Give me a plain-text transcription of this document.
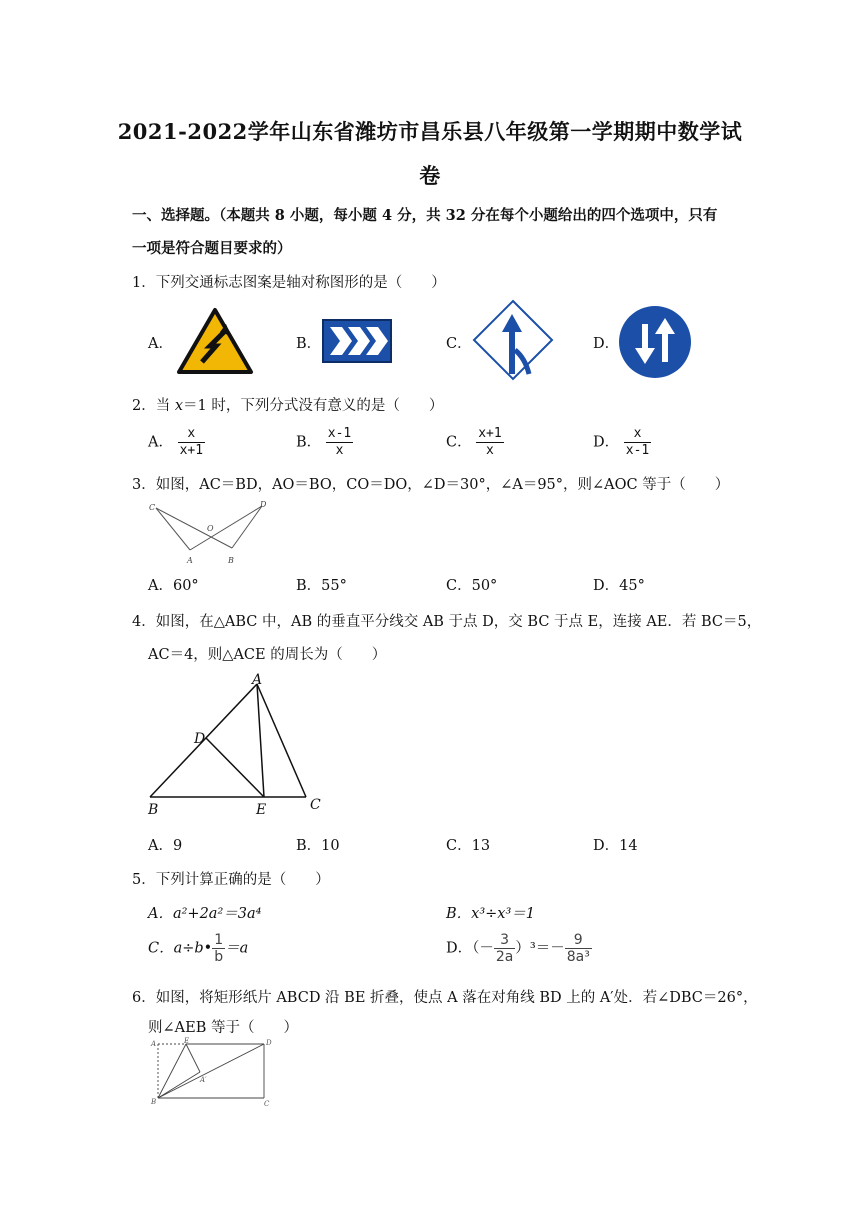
2021-2022学年山东省潍坊市昌乐县八年级第一学期期中数学试
卷
一、选择题。（本题共 8 小题，每小题 4 分，共 32 分在每个小题给出的四个选项中，只有
一项是符合题目要求的）
1．下列交通标志图案是轴对称图形的是（　　）
A．	B．	C．	D．
2．当 x＝1 时，下列分式没有意义的是（　　）
A． $\frac{x}{x+1}$	B． $\frac{x-1}{x}$	C． $\frac{x+1}{x}$	D． $\frac{x}{x-1}$
3．如图，AC＝BD，AO＝BO，CO＝DO，∠D＝30°，∠A＝95°，则∠AOC 等于（　　）
C	D
O
A	B
A．60°	B．55°	C．50°	D．45°
4．如图，在△ABC 中，AB 的垂直平分线交 AB 于点 D，交 BC 于点 E，连接 AE．若 BC＝5，
AC＝4，则△ACE 的周长为（　　）
A
D
B	E	C
A．9	B．10	C．13	D．14
5．下列计算正确的是（　　）
A．a²+2a²＝3a⁴	B．x³÷x³＝1
C．a÷b• $\frac{1}{b} =a$	D．（－ $\frac{3}{2a} )^3=- \frac{9}{\text{8a³}}$
6．如图，将矩形纸片 ABCD 沿 BE 折叠，使点 A 落在对角线 BD 上的 A′处．若∠DBC＝26°，
则∠AEB 等于（　　）
A	E	D
A′
B	C
